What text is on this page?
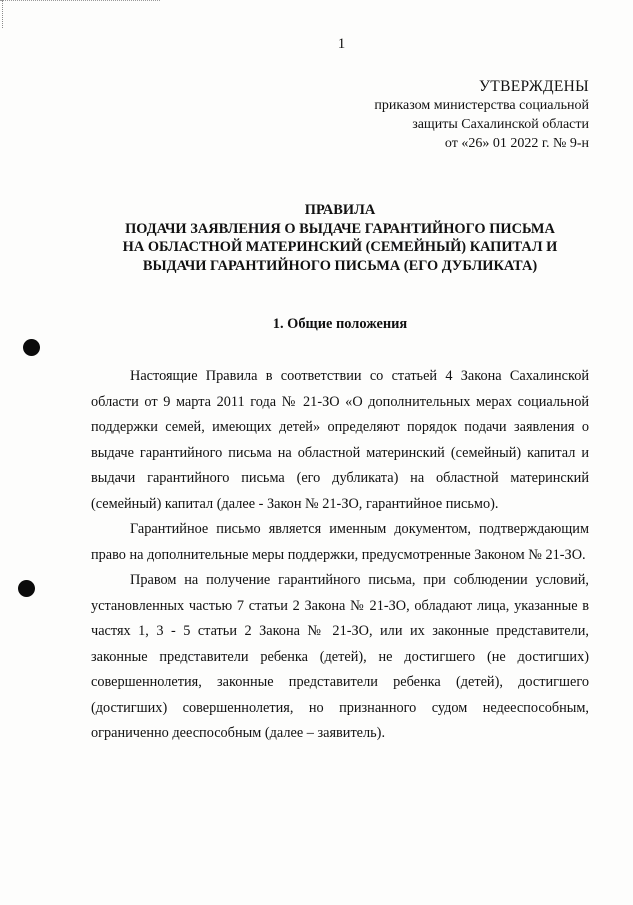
1
УТВЕРЖДЕНЫ
приказом министерства социальной
защиты Сахалинской области
от «26» 01 2022 г. № 9-н
ПРАВИЛА
ПОДАЧИ ЗАЯВЛЕНИЯ О ВЫДАЧЕ ГАРАНТИЙНОГО ПИСЬМА
НА ОБЛАСТНОЙ МАТЕРИНСКИЙ (СЕМЕЙНЫЙ) КАПИТАЛ И
ВЫДАЧИ ГАРАНТИЙНОГО ПИСЬМА (ЕГО ДУБЛИКАТА)
1. Общие положения

Настоящие Правила в соответствии со статьей 4 Закона Сахалинской области от 9 марта 2011 года № 21-ЗО «О дополнительных мерах социальной поддержки семей, имеющих детей» определяют порядок подачи заявления о выдаче гарантийного письма на областной материнский (семейный) капитал и выдачи гарантийного письма (его дубликата) на областной материнский (семейный) капитал (далее - Закон № 21-ЗО, гарантийное письмо).

Гарантийное письмо является именным документом, подтверждающим право на дополнительные меры поддержки, предусмотренные Законом № 21-ЗО.

Правом на получение гарантийного письма, при соблюдении условий, установленных частью 7 статьи 2 Закона № 21-ЗО, обладают лица, указанные в частях 1, 3 - 5 статьи 2 Закона № 21-ЗО, или их законные представители, законные представители ребенка (детей), не достигшего (не достигших) совершеннолетия, законные представители ребенка (детей), достигшего (достигших) совершеннолетия, но признанного судом недееспособным, ограниченно дееспособным (далее – заявитель).
